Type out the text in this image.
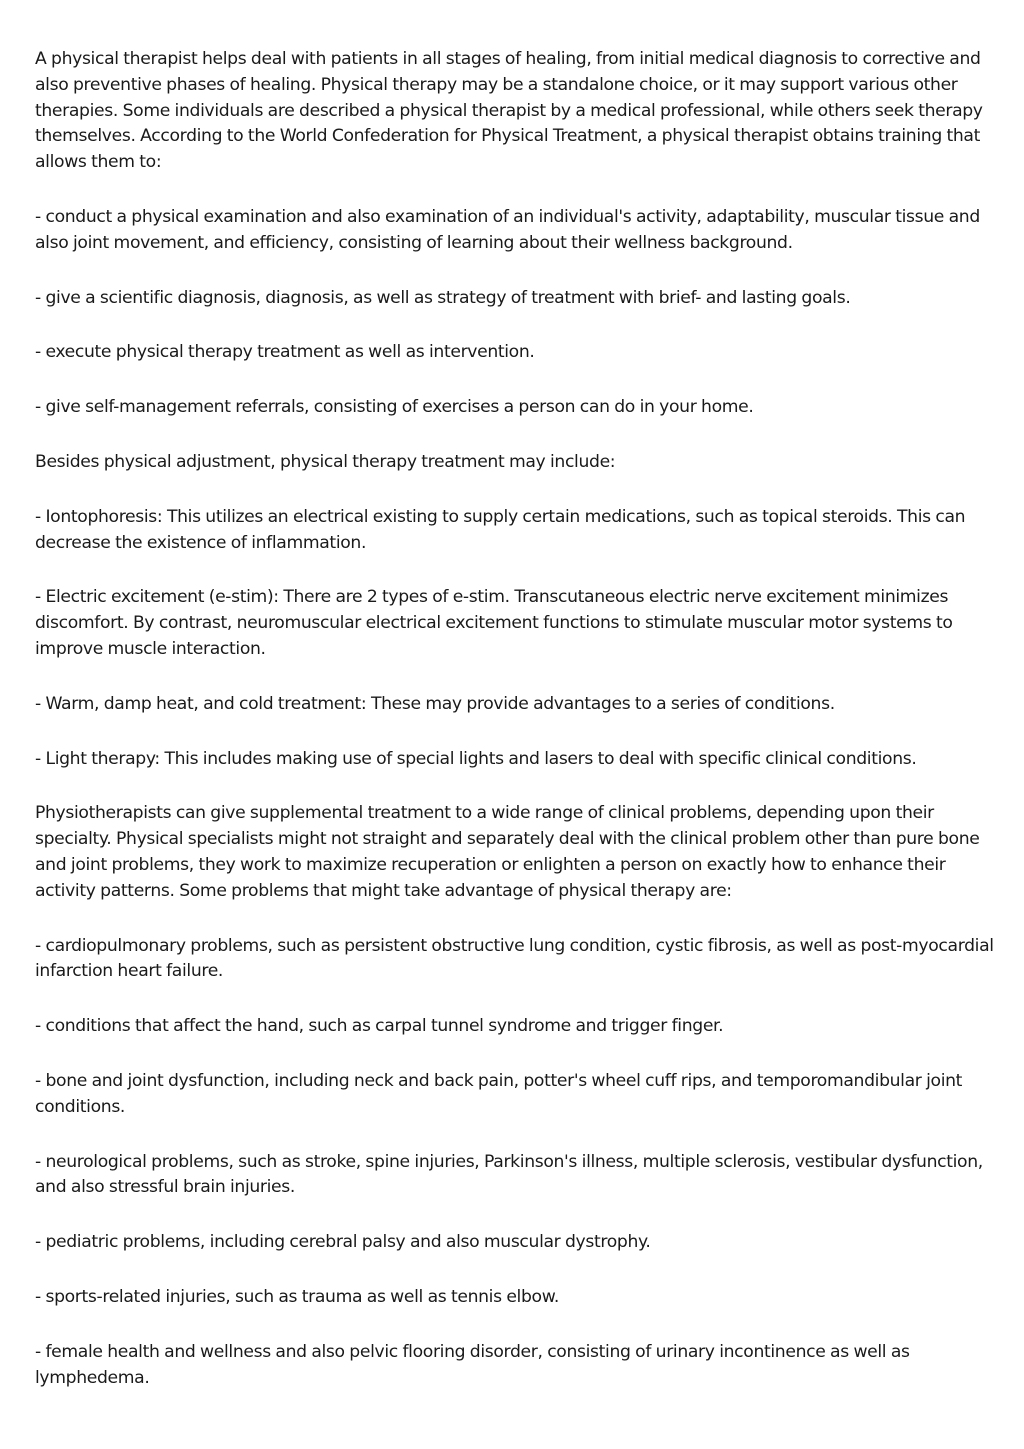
A physical therapist helps deal with patients in all stages of healing, from initial medical diagnosis to corrective and also preventive phases of healing. Physical therapy may be a standalone choice, or it may support various other therapies. Some individuals are described a physical therapist by a medical professional, while others seek therapy themselves. According to the World Confederation for Physical Treatment, a physical therapist obtains training that allows them to:

- conduct a physical examination and also examination of an individual's activity, adaptability, muscular tissue and also joint movement, and efficiency, consisting of learning about their wellness background.

- give a scientific diagnosis, diagnosis, as well as strategy of treatment with brief- and lasting goals.

- execute physical therapy treatment as well as intervention.

- give self-management referrals, consisting of exercises a person can do in your home.

Besides physical adjustment, physical therapy treatment may include:

- Iontophoresis: This utilizes an electrical existing to supply certain medications, such as topical steroids. This can decrease the existence of inflammation.

- Electric excitement (e-stim): There are 2 types of e-stim. Transcutaneous electric nerve excitement minimizes discomfort. By contrast, neuromuscular electrical excitement functions to stimulate muscular motor systems to improve muscle interaction.

- Warm, damp heat, and cold treatment: These may provide advantages to a series of conditions.

- Light therapy: This includes making use of special lights and lasers to deal with specific clinical conditions.

Physiotherapists can give supplemental treatment to a wide range of clinical problems, depending upon their specialty. Physical specialists might not straight and separately deal with the clinical problem other than pure bone and joint problems, they work to maximize recuperation or enlighten a person on exactly how to enhance their activity patterns. Some problems that might take advantage of physical therapy are:

- cardiopulmonary problems, such as persistent obstructive lung condition, cystic fibrosis, as well as post-myocardial infarction heart failure.

- conditions that affect the hand, such as carpal tunnel syndrome and trigger finger.

- bone and joint dysfunction, including neck and back pain, potter's wheel cuff rips, and temporomandibular joint conditions.

- neurological problems, such as stroke, spine injuries, Parkinson's illness, multiple sclerosis, vestibular dysfunction, and also stressful brain injuries.

- pediatric problems, including cerebral palsy and also muscular dystrophy.

- sports-related injuries, such as trauma as well as tennis elbow.

- female health and wellness and also pelvic flooring disorder, consisting of urinary incontinence as well as lymphedema.
